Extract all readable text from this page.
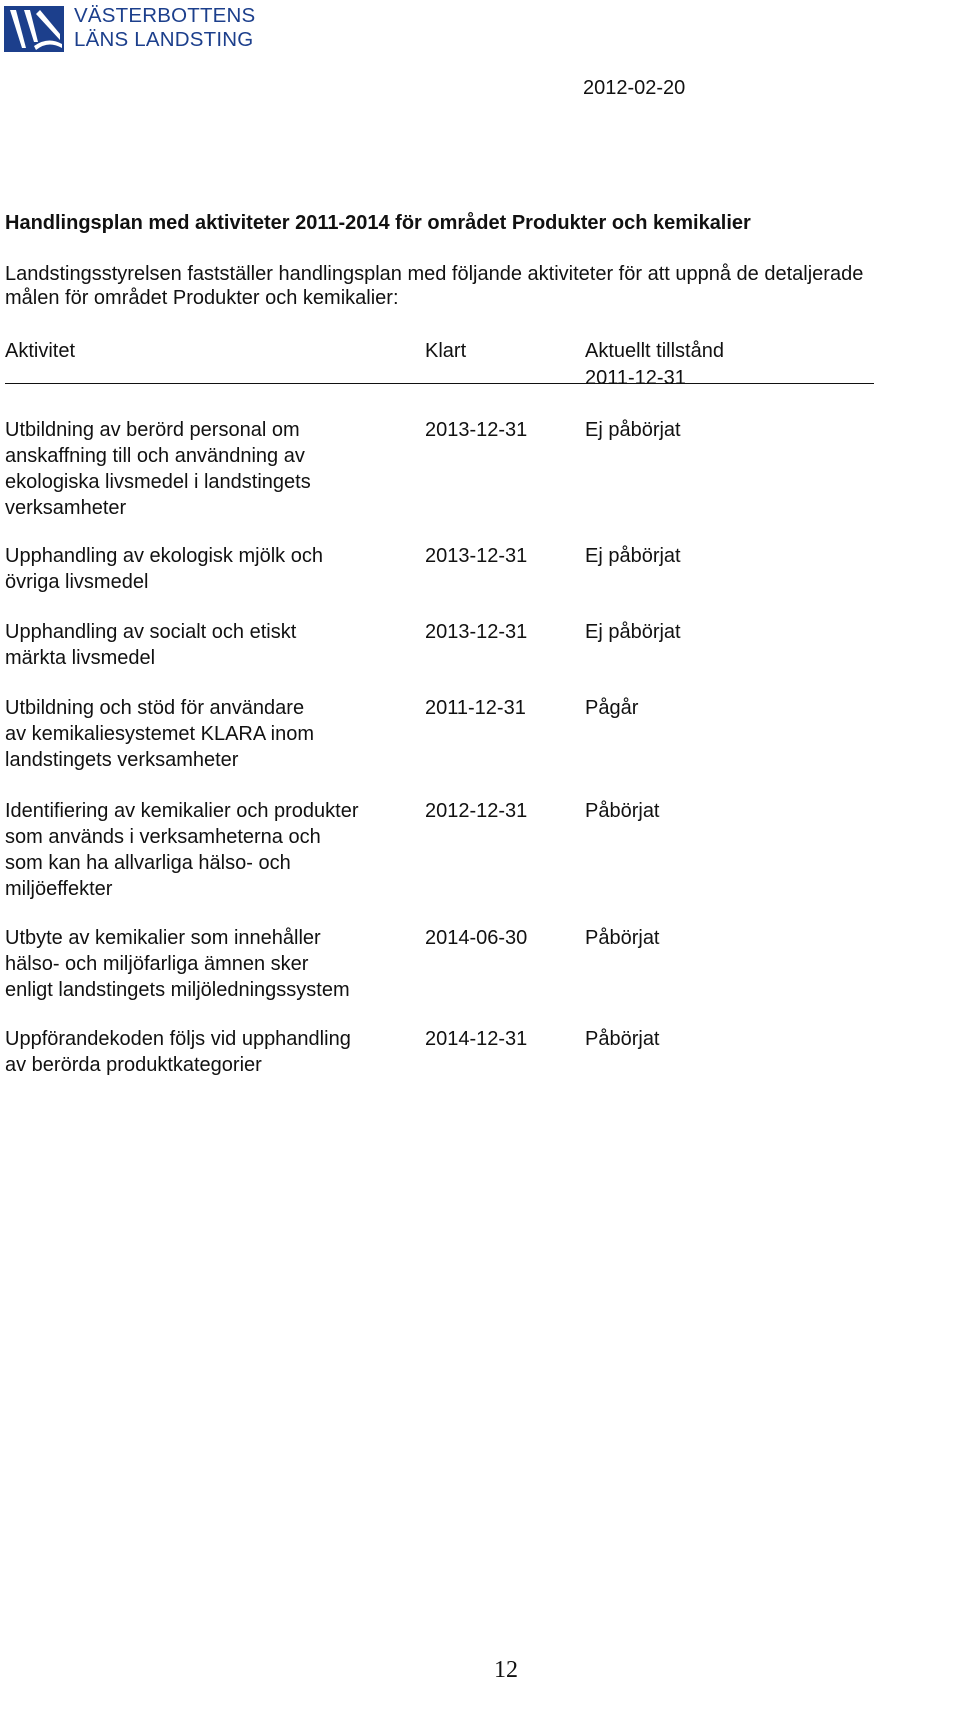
VÄSTERBOTTENS
LÄNS LANDSTING
2012-02-20
Handlingsplan med aktiviteter 2011-2014 för området Produkter och kemikalier
Landstingsstyrelsen fastställer handlingsplan med följande aktiviteter för att uppnå de detaljerade
målen för området Produkter och kemikalier:
Aktivitet	Klart	Aktuellt tillstånd
2011-12-31
Utbildning av berörd personal om
anskaffning till och användning av
ekologiska livsmedel i landstingets
verksamheter
2013-12-31	Ej påbörjat
Upphandling av ekologisk mjölk och
övriga livsmedel
2013-12-31	Ej påbörjat
Upphandling av socialt och etiskt
märkta livsmedel
2013-12-31	Ej påbörjat
Utbildning och stöd för användare
av kemikaliesystemet KLARA inom
landstingets verksamheter
2011-12-31	Pågår
Identifiering av kemikalier och produkter
som används i verksamheterna och
som kan ha allvarliga hälso- och
miljöeffekter
2012-12-31	Påbörjat
Utbyte av kemikalier som innehåller
hälso- och miljöfarliga ämnen sker
enligt landstingets miljöledningssystem
2014-06-30	Påbörjat
Uppförandekoden följs vid upphandling
av berörda produktkategorier
2014-12-31	Påbörjat
12
